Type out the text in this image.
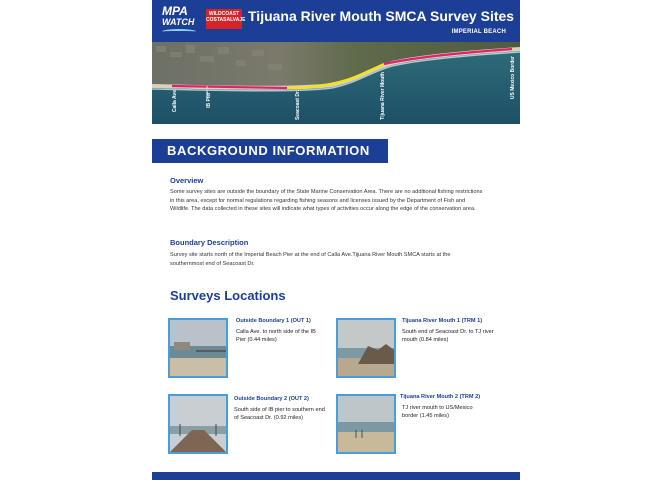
MPA
WATCH
WILDCOAST
COSTASALVAJE Tijuana River Mouth SMCA Survey Sites
IMPERIAL BEACH
Calla Ave	IB Pier	Seacoast Dr.	Tijuana River Mouth	US Mexico Border
BACKGROUND INFORMATION
Overview
Some survey sites are outside the boundary of the State Marine Conservation Area. There are no additional fishing restrictions in this area, except for normal regulations regarding fishing seasons and licenses issued by the Department of Fish and Wildlife. The data collected in these sites will indicate what types of activities occur along the edge of the conservation area.
Boundary Description
Survey site starts north of the Imperial Beach Pier at the end of Calla Ave.Tijuana River Mouth SMCA starts at the southernmost end of Seacoast Dr.
Surveys Locations
Outside Boundary 1 (OUT 1)
Calla Ave. to north side of the IB Pier (0.44 miles)
Tijuana River Mouth 1 (TRM 1)
South end of Seacoast Dr. to TJ river mouth (0.84 miles)
Outside Boundary 2 (OUT 2)
South side of IB pier to southern end of Seacoast Dr. (0.92 miles)
Tijuana River Mouth 2 (TRM 2)
TJ river mouth to US/Mexico border (1.45 miles)
